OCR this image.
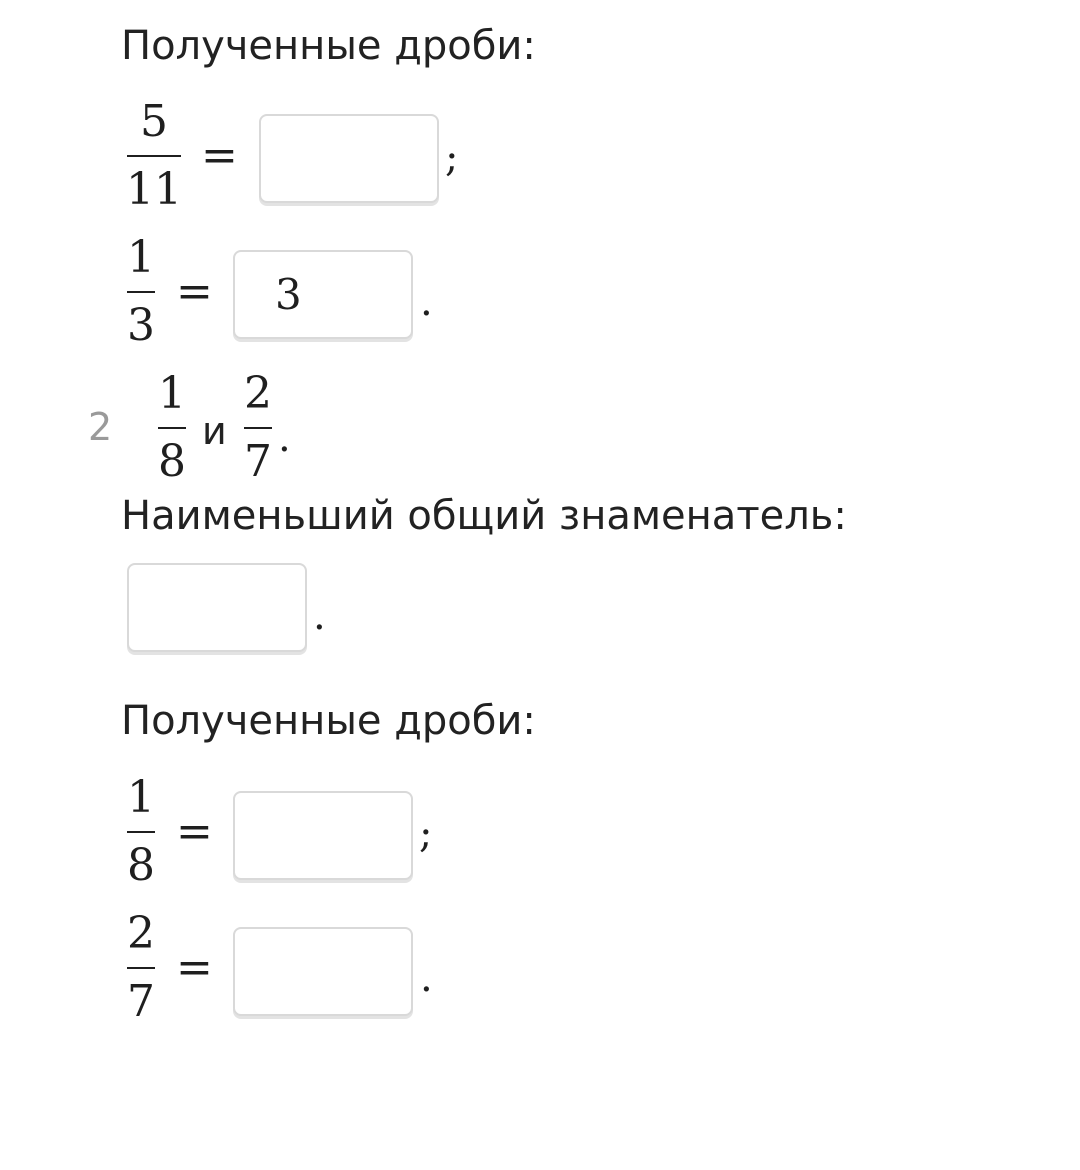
Полученные дроби:
5
11
=	;
1
3
=	3	.
2
1
8
и
2
7 .
Наименьший общий знаменатель:
.
Полученные дроби:
1
8
=	;
2
7
=	.
